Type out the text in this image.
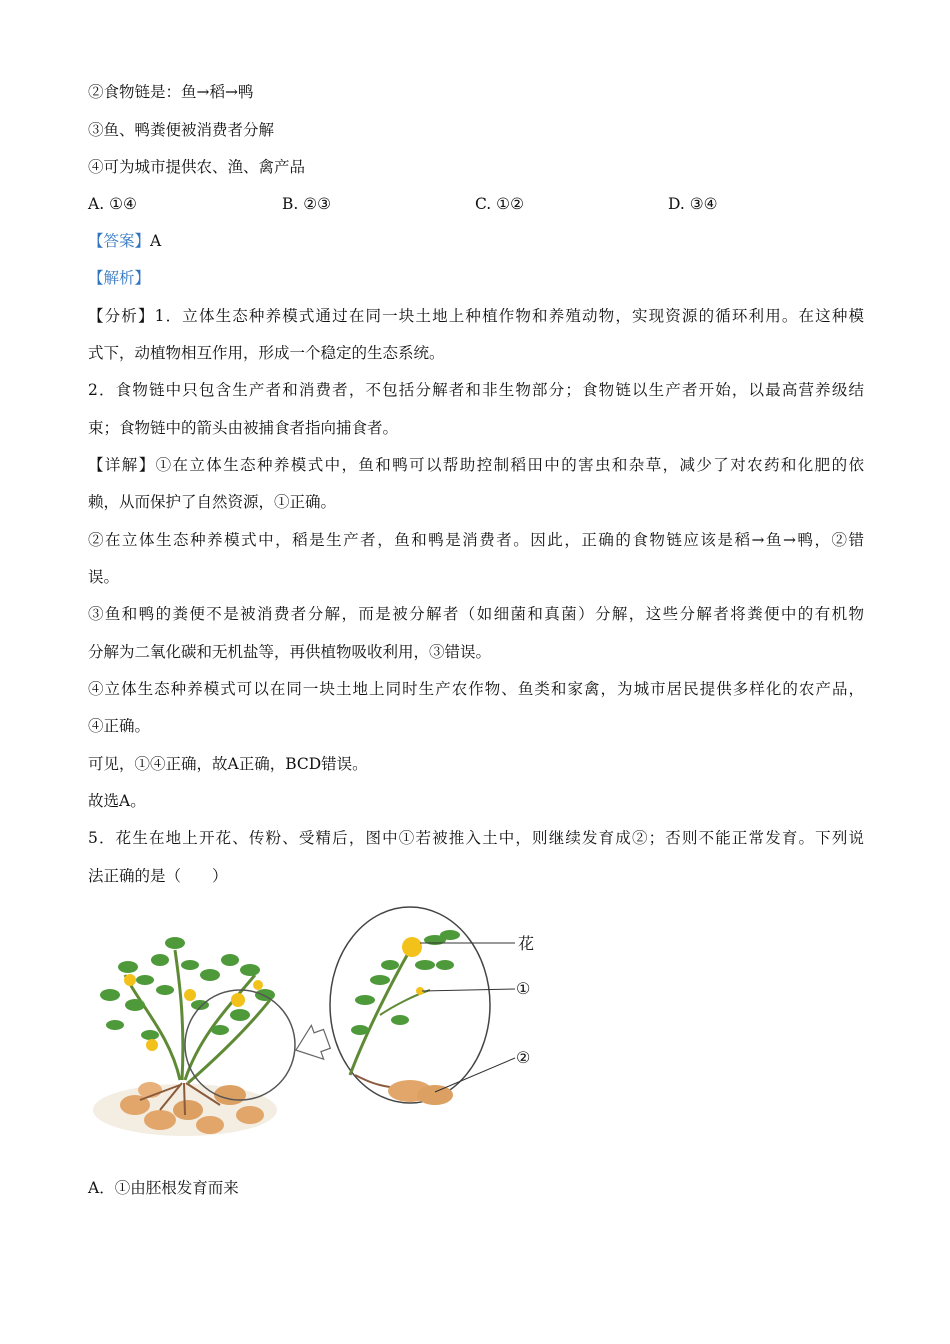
②食物链是：鱼→稻→鸭
③鱼、鸭粪便被消费者分解
④可为城市提供农、渔、禽产品
A. ①④	B. ②③	C. ①②	D. ③④
【答案】A
【解析】
【分析】1．立体生态种养模式通过在同一块土地上种植作物和养殖动物，实现资源的循环利用。在这种模
式下，动植物相互作用，形成一个稳定的生态系统。
2．食物链中只包含生产者和消费者，不包括分解者和非生物部分；食物链以生产者开始，以最高营养级结
束；食物链中的箭头由被捕食者指向捕食者。
【详解】①在立体生态种养模式中，鱼和鸭可以帮助控制稻田中的害虫和杂草，减少了对农药和化肥的依
赖，从而保护了自然资源，①正确。
②在立体生态种养模式中，稻是生产者，鱼和鸭是消费者。因此，正确的食物链应该是稻→鱼→鸭，②错
误。
③鱼和鸭的粪便不是被消费者分解，而是被分解者（如细菌和真菌）分解，这些分解者将粪便中的有机物
分解为二氧化碳和无机盐等，再供植物吸收利用，③错误。
④立体生态种养模式可以在同一块土地上同时生产农作物、鱼类和家禽，为城市居民提供多样化的农产品，
④正确。
可见，①④正确，故A正确，BCD错误。
故选A。
5．花生在地上开花、传粉、受精后，图中①若被推入土中，则继续发育成②；否则不能正常发育。下列说
法正确的是（　　）
花
①
②
A．①由胚根发育而来
